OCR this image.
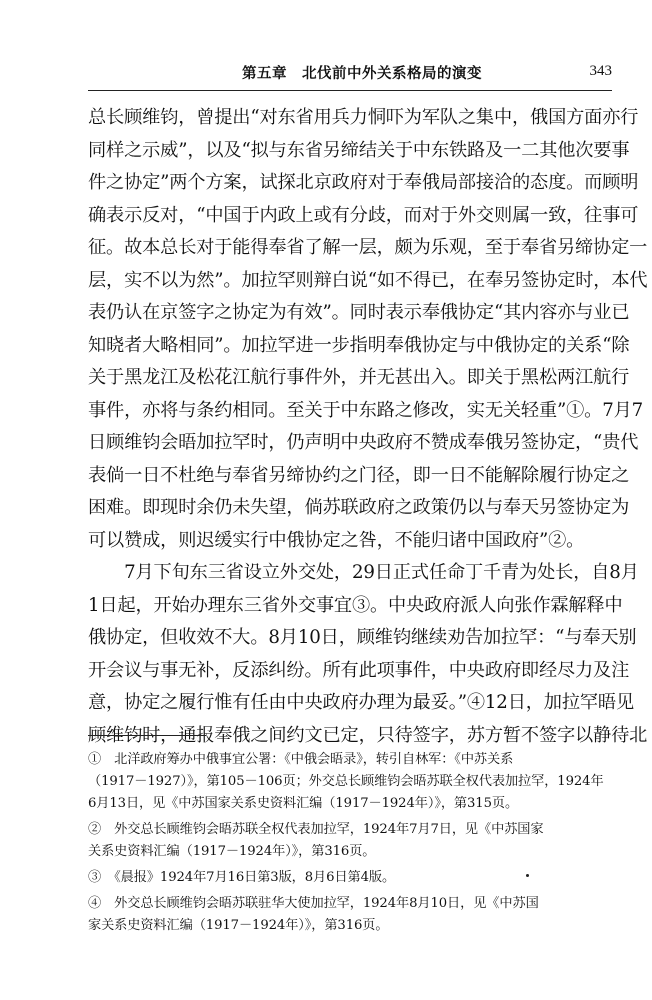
第五章　北伐前中外关系格局的演变	343
总长顾维钧，曾提出“对东省用兵力恫吓为军队之集中，俄国方面亦行
同样之示威”，以及“拟与东省另缔结关于中东铁路及一二其他次要事
件之协定”两个方案，试探北京政府对于奉俄局部接洽的态度。而顾明
确表示反对，“中国于内政上或有分歧，而对于外交则属一致，往事可
征。故本总长对于能得奉省了解一层，颇为乐观，至于奉省另缔协定一
层，实不以为然”。加拉罕则辩白说“如不得已，在奉另签协定时，本代
表仍认在京签字之协定为有效”。同时表示奉俄协定“其内容亦与业已
知晓者大略相同”。加拉罕进一步指明奉俄协定与中俄协定的关系“除
关于黑龙江及松花江航行事件外，并无甚出入。即关于黑松两江航行
事件，亦将与条约相同。至关于中东路之修改，实无关轻重”①。7月7
日顾维钧会晤加拉罕时，仍声明中央政府不赞成奉俄另签协定，“贵代
表倘一日不杜绝与奉省另缔协约之门径，即一日不能解除履行协定之
困难。即现时余仍未失望，倘苏联政府之政策仍以与奉天另签协定为
可以赞成，则迟缓实行中俄协定之咎，不能归诸中国政府”②。
　　7月下旬东三省设立外交处，29日正式任命丁千青为处长，自8月
1日起，开始办理东三省外交事宜③。中央政府派人向张作霖解释中
俄协定，但收效不大。8月10日，顾维钧继续劝告加拉罕：“与奉天别
开会议与事无补，反添纠纷。所有此项事件，中央政府即经尽力及注
意，协定之履行惟有任由中央政府办理为最妥。”④12日，加拉罕晤见
顾维钧时，通报奉俄之间约文已定，只待签字，苏方暂不签字以静待北
①　北洋政府筹办中俄事宜公署：《中俄会晤录》，转引自林军：《中苏关系
（1917－1927）》，第105－106页；外交总长顾维钧会晤苏联全权代表加拉罕，1924年
6月13日，见《中苏国家关系史资料汇编（1917－1924年）》，第315页。
②　外交总长顾维钧会晤苏联全权代表加拉罕，1924年7月7日，见《中苏国家
关系史资料汇编（1917－1924年）》，第316页。
③　《晨报》1924年7月16日第3版，8月6日第4版。
④　外交总长顾维钧会晤苏联驻华大使加拉罕，1924年8月10日，见《中苏国
家关系史资料汇编（1917－1924年）》，第316页。
